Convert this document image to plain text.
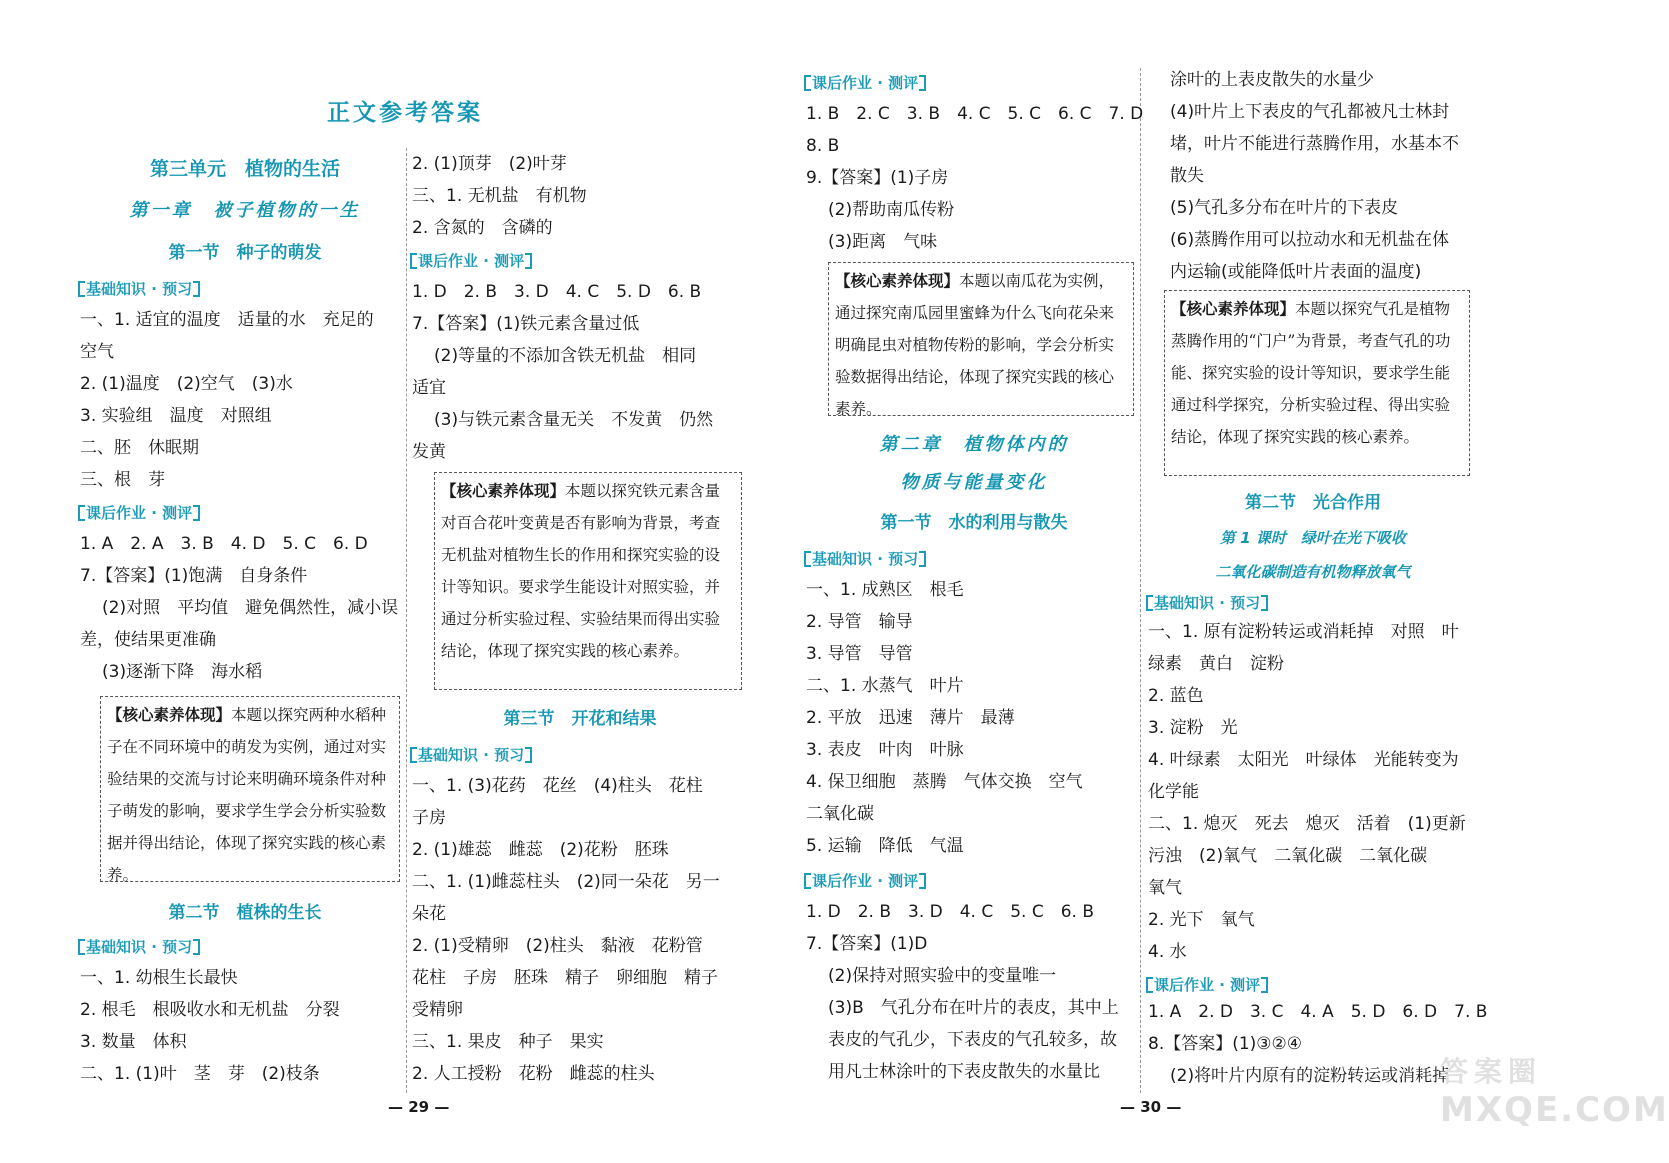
正文参考答案
第三单元　植物的生活
第一章　被子植物的一生
第一节　种子的萌发
基础知识 · 预习
一、1. 适宜的温度　适量的水　充足的
空气
2. (1)温度　(2)空气　(3)水
3. 实验组　温度　对照组
二、胚　休眠期
三、根　芽
课后作业 · 测评
1. A　2. A　3. B　4. D　5. C　6. D
7.【答案】(1)饱满　自身条件
(2)对照　平均值　避免偶然性，减小误
差，使结果更准确
(3)逐渐下降　海水稻
【核心素养体现】本题以探究两种水稻种子在不同环境中的萌发为实例，通过对实验结果的交流与讨论来明确环境条件对种子萌发的影响，要求学生学会分析实验数据并得出结论，体现了探究实践的核心素养。
第二节　植株的生长
基础知识 · 预习
一、1. 幼根生长最快
2. 根毛　根吸收水和无机盐　分裂
3. 数量　体积
二、1. (1)叶　茎　芽　(2)枝条
2. (1)顶芽　(2)叶芽
三、1. 无机盐　有机物
2. 含氮的　含磷的
课后作业 · 测评
1. D　2. B　3. D　4. C　5. D　6. B
7.【答案】(1)铁元素含量过低
(2)等量的不添加含铁无机盐　相同
适宜
(3)与铁元素含量无关　不发黄　仍然
发黄
【核心素养体现】本题以探究铁元素含量对百合花叶变黄是否有影响为背景，考查无机盐对植物生长的作用和探究实验的设计等知识。要求学生能设计对照实验，并通过分析实验过程、实验结果而得出实验结论，体现了探究实践的核心素养。
第三节　开花和结果
基础知识 · 预习
一、1. (3)花药　花丝　(4)柱头　花柱
子房
2. (1)雄蕊　雌蕊　(2)花粉　胚珠
二、1. (1)雌蕊柱头　(2)同一朵花　另一
朵花
2. (1)受精卵　(2)柱头　黏液　花粉管
花柱　子房　胚珠　精子　卵细胞　精子
受精卵
三、1. 果皮　种子　果实
2. 人工授粉　花粉　雌蕊的柱头
课后作业 · 测评
1. B　2. C　3. B　4. C　5. C　6. C　7. D
8. B
9.【答案】(1)子房
(2)帮助南瓜传粉
(3)距离　气味
【核心素养体现】本题以南瓜花为实例，通过探究南瓜园里蜜蜂为什么飞向花朵来明确昆虫对植物传粉的影响，学会分析实验数据得出结论，体现了探究实践的核心素养。
第二章　植物体内的
物质与能量变化
第一节　水的利用与散失
基础知识 · 预习
一、1. 成熟区　根毛
2. 导管　输导
3. 导管　导管
二、1. 水蒸气　叶片
2. 平放　迅速　薄片　最薄
3. 表皮　叶肉　叶脉
4. 保卫细胞　蒸腾　气体交换　空气
二氧化碳
5. 运输　降低　气温
课后作业 · 测评
1. D　2. B　3. D　4. C　5. C　6. B
7.【答案】(1)D
(2)保持对照实验中的变量唯一
(3)B　气孔分布在叶片的表皮，其中上
表皮的气孔少，下表皮的气孔较多，故
用凡士林涂叶的下表皮散失的水量比
涂叶的上表皮散失的水量少
(4)叶片上下表皮的气孔都被凡士林封
堵，叶片不能进行蒸腾作用，水基本不
散失
(5)气孔多分布在叶片的下表皮
(6)蒸腾作用可以拉动水和无机盐在体
内运输(或能降低叶片表面的温度)
【核心素养体现】本题以探究气孔是植物蒸腾作用的“门户”为背景，考查气孔的功能、探究实验的设计等知识，要求学生能通过科学探究，分析实验过程、得出实验结论，体现了探究实践的核心素养。
第二节　光合作用
第 1 课时　绿叶在光下吸收
二氧化碳制造有机物释放氧气
基础知识 · 预习
一、1. 原有淀粉转运或消耗掉　对照　叶
绿素　黄白　淀粉
2. 蓝色
3. 淀粉　光
4. 叶绿素　太阳光　叶绿体　光能转变为
化学能
二、1. 熄灭　死去　熄灭　活着　(1)更新
污浊　(2)氧气　二氧化碳　二氧化碳
氧气
2. 光下　氧气
4. 水
课后作业 · 测评
1. A　2. D　3. C　4. A　5. D　6. D　7. B
8.【答案】(1)③②④
(2)将叶片内原有的淀粉转运或消耗掉
— 29 —	— 30 —
答案圈
MXQE.COM
